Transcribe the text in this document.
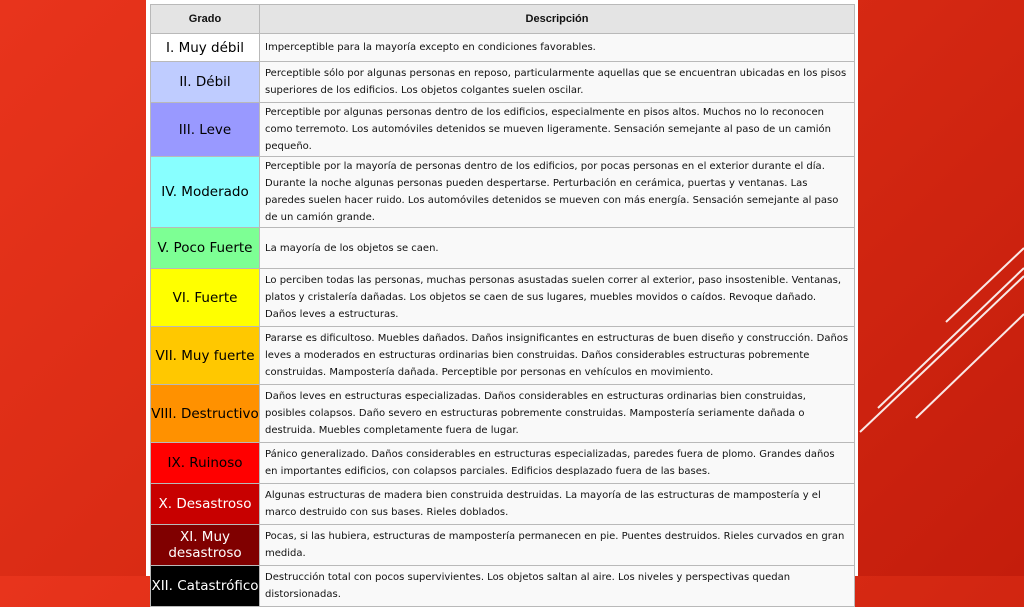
Grado	Descripción
I. Muy débil	Imperceptible para la mayoría excepto en condiciones favorables.
II. Débil	Perceptible sólo por algunas personas en reposo, particularmente aquellas que se encuentran ubicadas en los pisos superiores de los edificios. Los objetos colgantes suelen oscilar.
III. Leve	Perceptible por algunas personas dentro de los edificios, especialmente en pisos altos. Muchos no lo reconocen como terremoto. Los automóviles detenidos se mueven ligeramente. Sensación semejante al paso de un camión pequeño.
IV. Moderado	Perceptible por la mayoría de personas dentro de los edificios, por pocas personas en el exterior durante el día. Durante la noche algunas personas pueden despertarse. Perturbación en cerámica, puertas y ventanas. Las paredes suelen hacer ruido. Los automóviles detenidos se mueven con más energía. Sensación semejante al paso de un camión grande.
V. Poco Fuerte	La mayoría de los objetos se caen.
VI. Fuerte	Lo perciben todas las personas, muchas personas asustadas suelen correr al exterior, paso insostenible. Ventanas, platos y cristalería dañadas. Los objetos se caen de sus lugares, muebles movidos o caídos. Revoque dañado. Daños leves a estructuras.
VII. Muy fuerte	Pararse es dificultoso. Muebles dañados. Daños insignificantes en estructuras de buen diseño y construcción. Daños leves a moderados en estructuras ordinarias bien construidas. Daños considerables estructuras pobremente construidas. Mampostería dañada. Perceptible por personas en vehículos en movimiento.
VIII. Destructivo	Daños leves en estructuras especializadas. Daños considerables en estructuras ordinarias bien construidas, posibles colapsos. Daño severo en estructuras pobremente construidas. Mampostería seriamente dañada o destruida. Muebles completamente fuera de lugar.
IX. Ruinoso	Pánico generalizado. Daños considerables en estructuras especializadas, paredes fuera de plomo. Grandes daños en importantes edificios, con colapsos parciales. Edificios desplazado fuera de las bases.
X. Desastroso	Algunas estructuras de madera bien construida destruidas. La mayoría de las estructuras de mampostería y el marco destruido con sus bases. Rieles doblados.
XI. Muy desastroso	Pocas, si las hubiera, estructuras de mampostería permanecen en pie. Puentes destruidos. Rieles curvados en gran medida.
XII. Catastrófico	Destrucción total con pocos supervivientes. Los objetos saltan al aire. Los niveles y perspectivas quedan distorsionadas.
